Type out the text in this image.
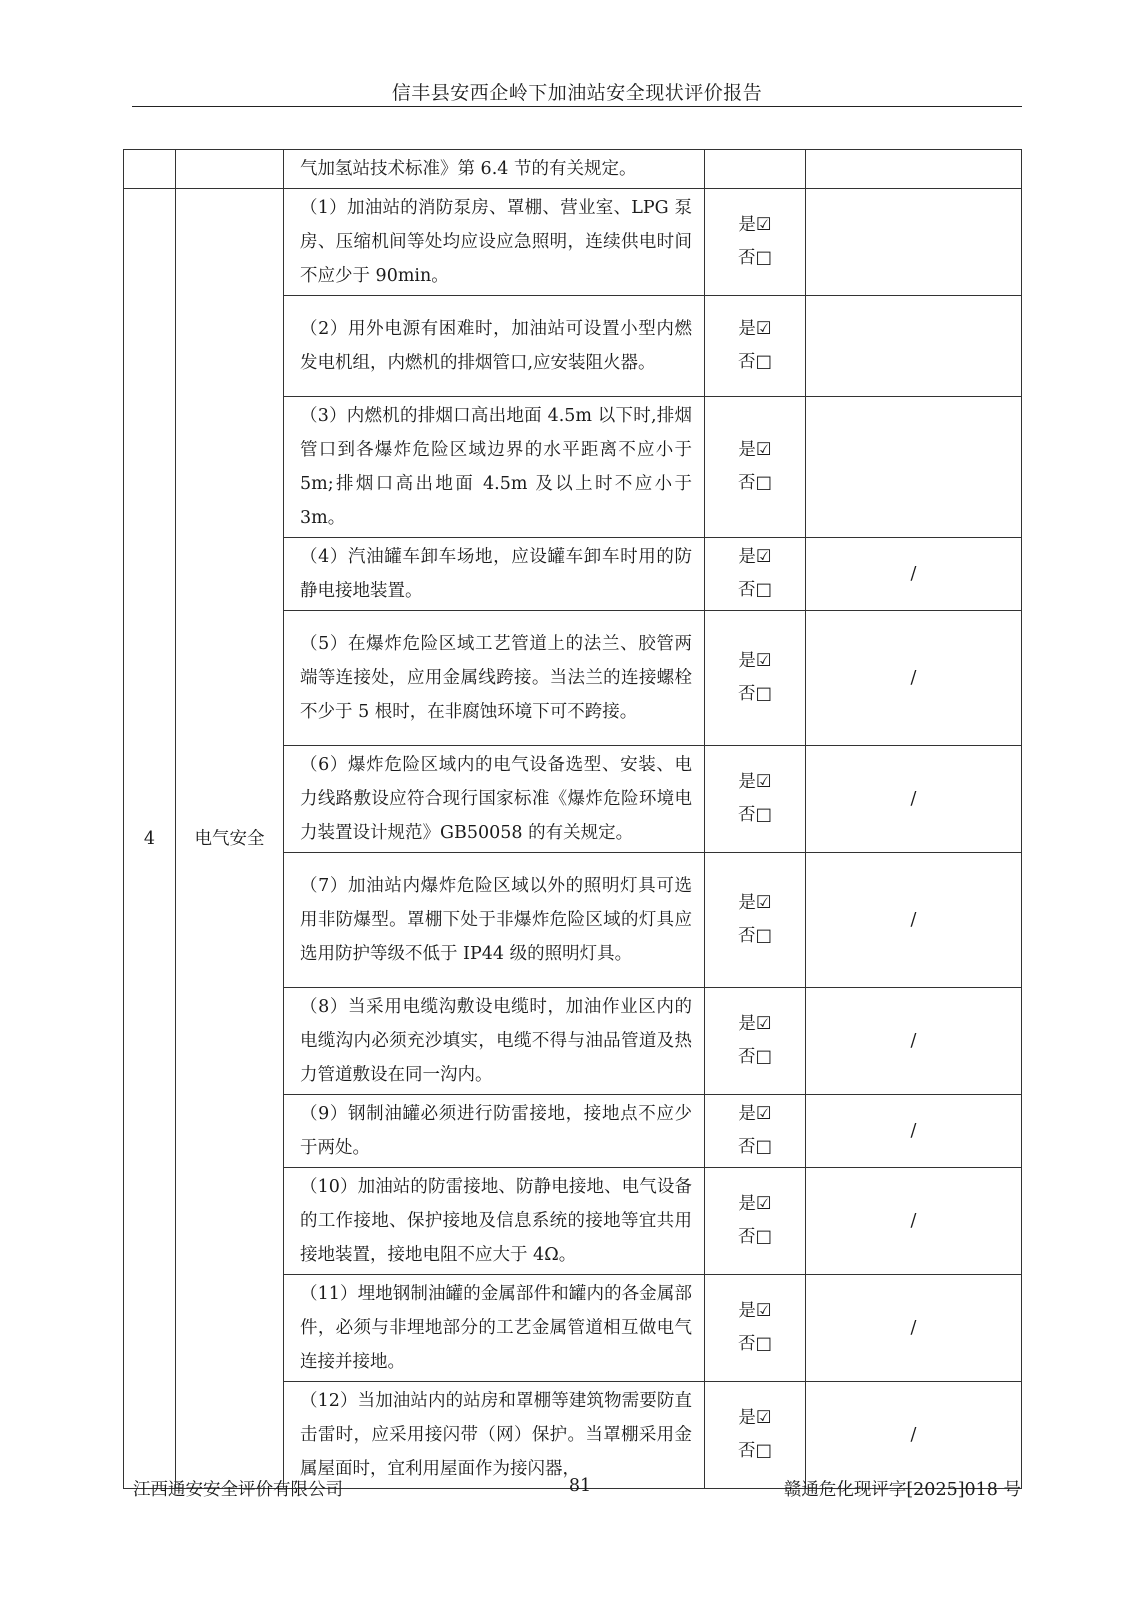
信丰县安西企岭下加油站安全现状评价报告
		气加氢站技术标准》第 6.4 节的有关规定。		
4	电气安全	（1）加油站的消防泵房、罩棚、营业室、LPG 泵房、压缩机间等处均应设应急照明，连续供电时间不应少于 90min。	是☑
否□	

		（2）用外电源有困难时，加油站可设置小型内燃发电机组，内燃机的排烟管口,应安装阻火器。	是☑
否□	

		（3）内燃机的排烟口高出地面 4.5m 以下时,排烟管口到各爆炸危险区域边界的水平距离不应小于 5m;排烟口高出地面 4.5m 及以上时不应小于 3m。	是☑
否□	

		（4）汽油罐车卸车场地，应设罐车卸车时用的防静电接地装置。	是☑
否□	/
		（5）在爆炸危险区域工艺管道上的法兰、胶管两端等连接处，应用金属线跨接。当法兰的连接螺栓不少于 5 根时，在非腐蚀环境下可不跨接。	是☑
否□	/
		（6）爆炸危险区域内的电气设备选型、安装、电力线路敷设应符合现行国家标准《爆炸危险环境电力装置设计规范》GB50058 的有关规定。	是☑
否□	/
		（7）加油站内爆炸危险区域以外的照明灯具可选用非防爆型。罩棚下处于非爆炸危险区域的灯具应选用防护等级不低于 IP44 级的照明灯具。	是☑
否□	/
		（8）当采用电缆沟敷设电缆时，加油作业区内的电缆沟内必须充沙填实，电缆不得与油品管道及热力管道敷设在同一沟内。	是☑
否□	/
		（9）钢制油罐必须进行防雷接地，接地点不应少于两处。	是☑
否□	/
		（10）加油站的防雷接地、防静电接地、电气设备的工作接地、保护接地及信息系统的接地等宜共用接地装置，接地电阻不应大于 4Ω。	是☑
否□	/
		（11）埋地钢制油罐的金属部件和罐内的各金属部件，必须与非埋地部分的工艺金属管道相互做电气连接并接地。	是☑
否□	/
		（12）当加油站内的站房和罩棚等建筑物需要防直击雷时，应采用接闪带（网）保护。当罩棚采用金属屋面时，宜利用屋面作为接闪器，	是☑
否□	/
江西通安安全评价有限公司	81	赣通危化现评字[2025]018 号
